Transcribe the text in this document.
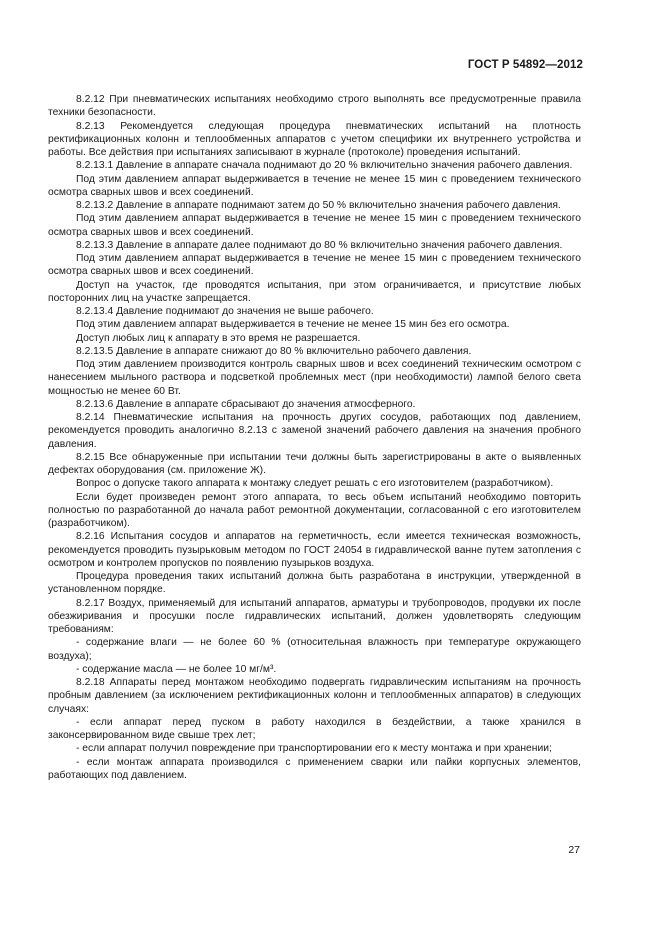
ГОСТ Р 54892—2012

8.2.12 При пневматических испытаниях необходимо строго выполнять все предусмотренные правила техники безопасности.

8.2.13 Рекомендуется следующая процедура пневматических испытаний на плотность ректификационных колонн и теплообменных аппаратов с учетом специфики их внутреннего устройства и работы. Все действия при испытаниях записывают в журнале (протоколе) проведения испытаний.

8.2.13.1 Давление в аппарате сначала поднимают до 20 % включительно значения рабочего давления.

Под этим давлением аппарат выдерживается в течение не менее 15 мин с проведением технического осмотра сварных швов и всех соединений.

8.2.13.2 Давление в аппарате поднимают затем до 50 % включительно значения рабочего давления.

Под этим давлением аппарат выдерживается в течение не менее 15 мин с проведением технического осмотра сварных швов и всех соединений.

8.2.13.3 Давление в аппарате далее поднимают до 80 % включительно значения рабочего давления.

Под этим давлением аппарат выдерживается в течение не менее 15 мин с проведением технического осмотра сварных швов и всех соединений.

Доступ на участок, где проводятся испытания, при этом ограничивается, и присутствие любых посторонних лиц на участке запрещается.

8.2.13.4 Давление поднимают до значения не выше рабочего.

Под этим давлением аппарат выдерживается в течение не менее 15 мин без его осмотра.

Доступ любых лиц к аппарату в это время не разрешается.

8.2.13.5 Давление в аппарате снижают до 80 % включительно рабочего давления.

Под этим давлением производится контроль сварных швов и всех соединений техническим осмотром с нанесением мыльного раствора и подсветкой проблемных мест (при необходимости) лампой белого света мощностью не менее 60 Вт.

8.2.13.6 Давление в аппарате сбрасывают до значения атмосферного.

8.2.14 Пневматические испытания на прочность других сосудов, работающих под давлением, рекомендуется проводить аналогично 8.2.13 с заменой значений рабочего давления на значения пробного давления.

8.2.15 Все обнаруженные при испытании течи должны быть зарегистрированы в акте о выявленных дефектах оборудования (см. приложение Ж).

Вопрос о допуске такого аппарата к монтажу следует решать с его изготовителем (разработчиком).

Если будет произведен ремонт этого аппарата, то весь объем испытаний необходимо повторить полностью по разработанной до начала работ ремонтной документации, согласованной с его изготовителем (разработчиком).

8.2.16 Испытания сосудов и аппаратов на герметичность, если имеется техническая возможность, рекомендуется проводить пузырьковым методом по ГОСТ 24054 в гидравлической ванне путем затопления с осмотром и контролем пропусков по появлению пузырьков воздуха.

Процедура проведения таких испытаний должна быть разработана в инструкции, утвержденной в установленном порядке.

8.2.17 Воздух, применяемый для испытаний аппаратов, арматуры и трубопроводов, продувки их после обезжиривания и просушки после гидравлических испытаний, должен удовлетворять следующим требованиям:

- содержание влаги — не более 60 % (относительная влажность при температуре окружающего воздуха);

- содержание масла — не более 10 мг/м³.

8.2.18 Аппараты перед монтажом необходимо подвергать гидравлическим испытаниям на прочность пробным давлением (за исключением ректификационных колонн и теплообменных аппаратов) в следующих случаях:

- если аппарат перед пуском в работу находился в бездействии, а также хранился в законсервированном виде свыше трех лет;

- если аппарат получил повреждение при транспортировании его к месту монтажа и при хранении;

- если монтаж аппарата производился с применением сварки или пайки корпусных элементов, работающих под давлением.

27
